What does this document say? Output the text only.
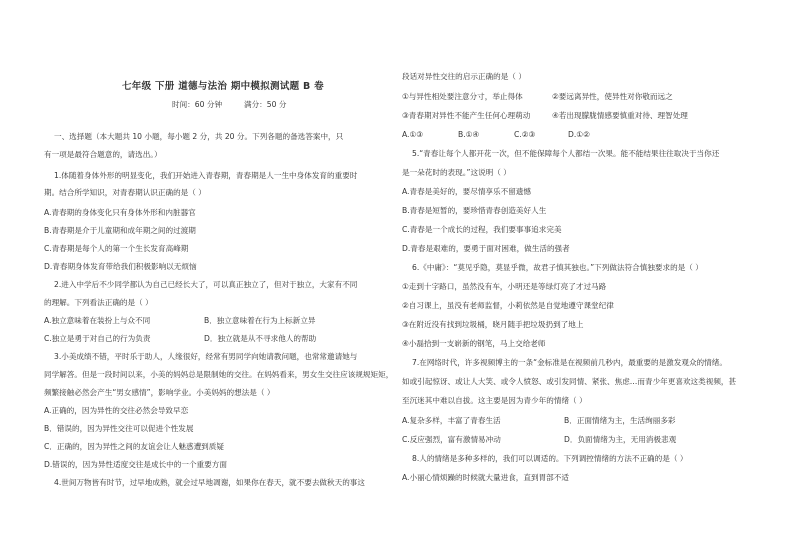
七年级 下册 道德与法治 期中模拟测试题 B 卷
时间：60 分钟	满分：50 分
一、选择题（本大题共 10 小题，每小题 2 分，共 20 分。下列各题的备选答案中，只
有一项是最符合题意的，请选出。）
1.体随着身体外形的明显变化，我们开始进入青春期，青春期是人一生中身体发育的重要时
期。结合所学知识，对青春期认识正确的是（ ）
A.青春期的身体变化只有身体外形和内脏器官
B.青春期是介于儿童期和成年期之间的过渡期
C.青春期是每个人的第一个生长发育高峰期
D.青春期身体发育带给我们积极影响以无烦恼
2.进入中学后不少同学都认为自己已经长大了，可以真正独立了，但对于独立，大家有不同
的理解。下列看法正确的是（ ）
A.独立意味着在装扮上与众不同	B．独立意味着在行为上标新立异
C.独立是勇于对自己的行为负责	D．独立就是从不寻求他人的帮助
3.小美成绩不错，平时乐于助人，人缘很好，经常有男同学向她请教问题，也常常邀请她与
同学解答。但是一段时间以来，小美的妈妈总是限制她的交往。在妈妈看来，男女生交往应该规规矩矩，
频繁接触必然会产生“男女感情”，影响学业。小美妈妈的想法是（ ）
A.正确的，因为异性的交往必然会导致早恋
B．错误的，因为异性交往可以促进个性发展
C．正确的，因为异性之间的友谊会让人魅惑遭到质疑
D.错误的，因为异性适度交往是成长中的一个重要方面
4.世间万物皆有时节，过早地成熟，就会过早地凋谢，如果你在春天，就不要去做秋天的事这
段话对异性交往的启示正确的是（ ）
①与异性相处要注意分寸，举止得体	②要远离异性，使异性对你敬而远之
③青春期对异性不能产生任何心理萌动	④若出现朦胧情感要慎重对待、理智处理
A.①③	B.①④	C.②③	D.①②
5.“青春让每个人都开花一次，但不能保障每个人都结一次果。能不能结果往往取决于当你还
是一朵花时的表现。”这说明（ ）
A.青春是美好的，要尽情享乐不留遗憾
B.青春是短暂的，要珍惜青春创造美好人生
C.青春是一个成长的过程，我们要事事追求完美
D.青春是艰难的，要勇于面对困难，做生活的强者
6.《中庸》：“莫见乎隐，莫显乎微，故君子慎其独也。”下列做法符合慎独要求的是（ ）
①走到十字路口，虽然没有车，小明还是等绿灯亮了才过马路
②自习课上，虽没有老师监督，小莉依然是自觉地遵守课堂纪律
③在附近没有找到垃圾桶，晓月随手把垃圾扔到了地上
④小磊拾到一支崭新的钢笔，马上交给老师
7.在网络时代，许多视频博主的一条“金标准是在视频前几秒内，最重要的是激发观众的情绪。
如或引起惊讶、或让人大笑、或令人愤怒、或引发同情、紧张、焦虑…而青少年更喜欢这类视频，甚
至沉迷其中难以自拔。这主要是因为青少年的情绪（ ）
A.复杂多样，丰富了青春生活	B．正面情绪为主，生活绚丽多彩
C.反应强烈，富有激情易冲动	D．负面情绪为主，无用消极悲观
8.人的情绪是多种多样的，我们可以调适的。下列调控情绪的方法不正确的是（ ）
A.小丽心情烦躁的时候就大量进食，直到胃部不适
